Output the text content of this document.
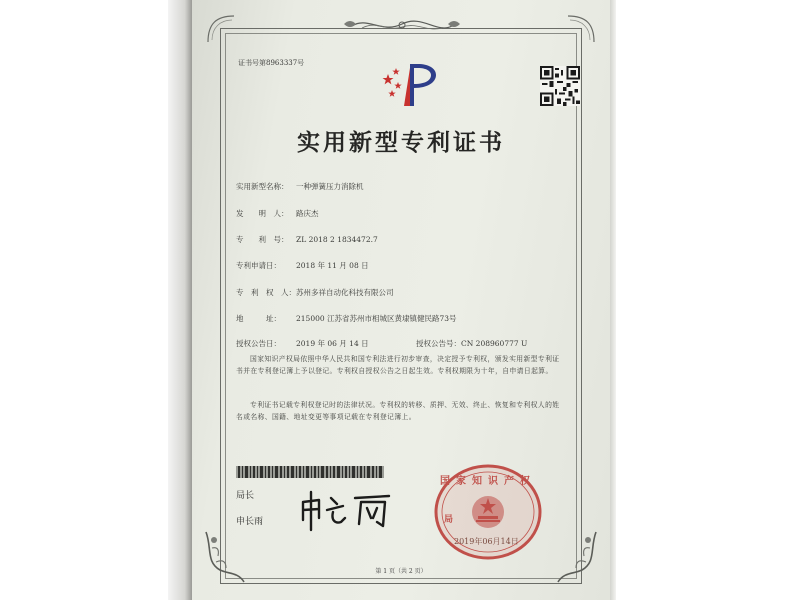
证书号第8963337号
实用新型专利证书
实用新型名称： 一种弹簧压力消除机
发　　明　人： 路庆杰
专　　利　号： ZL 2018 2 1834472.7
专利申请日： 2018 年 11 月 08 日
专　利　权　人：苏州多祥自动化科技有限公司
地　　　址： 215000 江苏省苏州市相城区黄埭镇健民路73号
授权公告日： 2019 年 06 月 14 日	授权公告号：CN 208960777 U
国家知识产权局依照中华人民共和国专利法进行初步审查，决定授予专利权，颁发实用新型专利证书并在专利登记簿上予以登记。专利权自授权公告之日起生效。专利权期限为十年，自申请日起算。
专利证书记载专利权登记时的法律状况。专利权的转移、质押、无效、终止、恢复和专利权人的姓名或名称、国籍、地址变更等事项记载在专利登记簿上。
局长
申长雨
国家知识产权
局
2019年06月14日
第 1 页（共 2 页）
